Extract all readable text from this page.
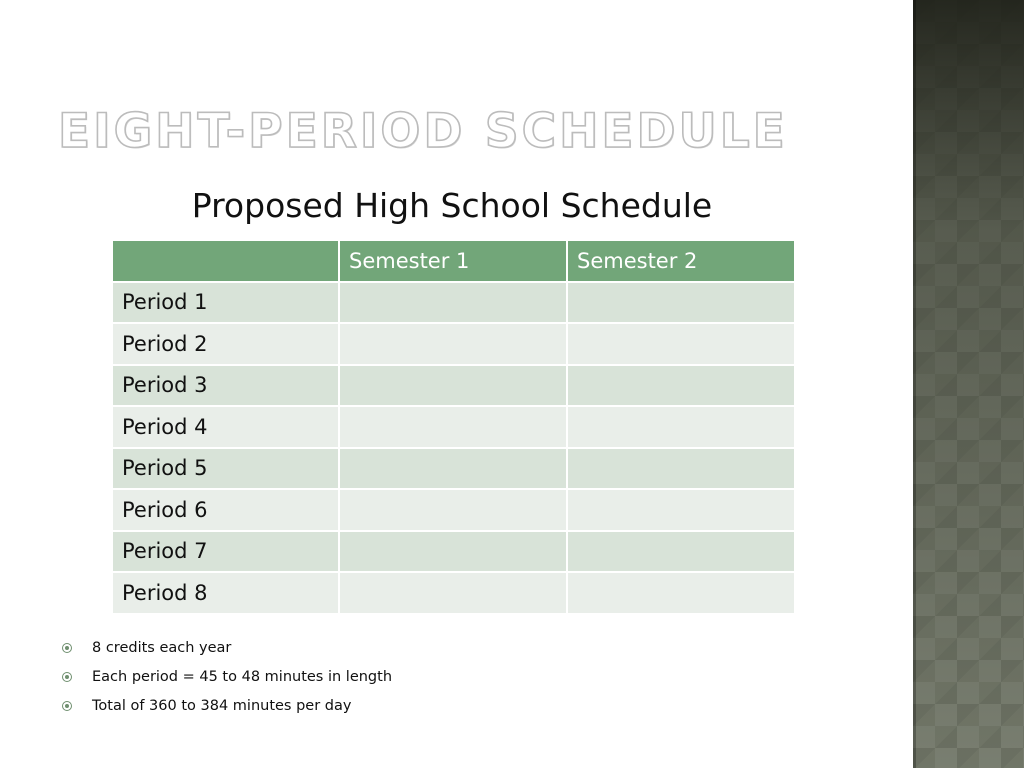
EIGHT-PERIOD SCHEDULE
Proposed High School Schedule
	Semester 1	Semester 2
Period 1		
Period 2		
Period 3		
Period 4		
Period 5		
Period 6		
Period 7		
Period 8		
8 credits each year
Each period = 45 to 48 minutes in length
Total of 360 to 384 minutes per day
